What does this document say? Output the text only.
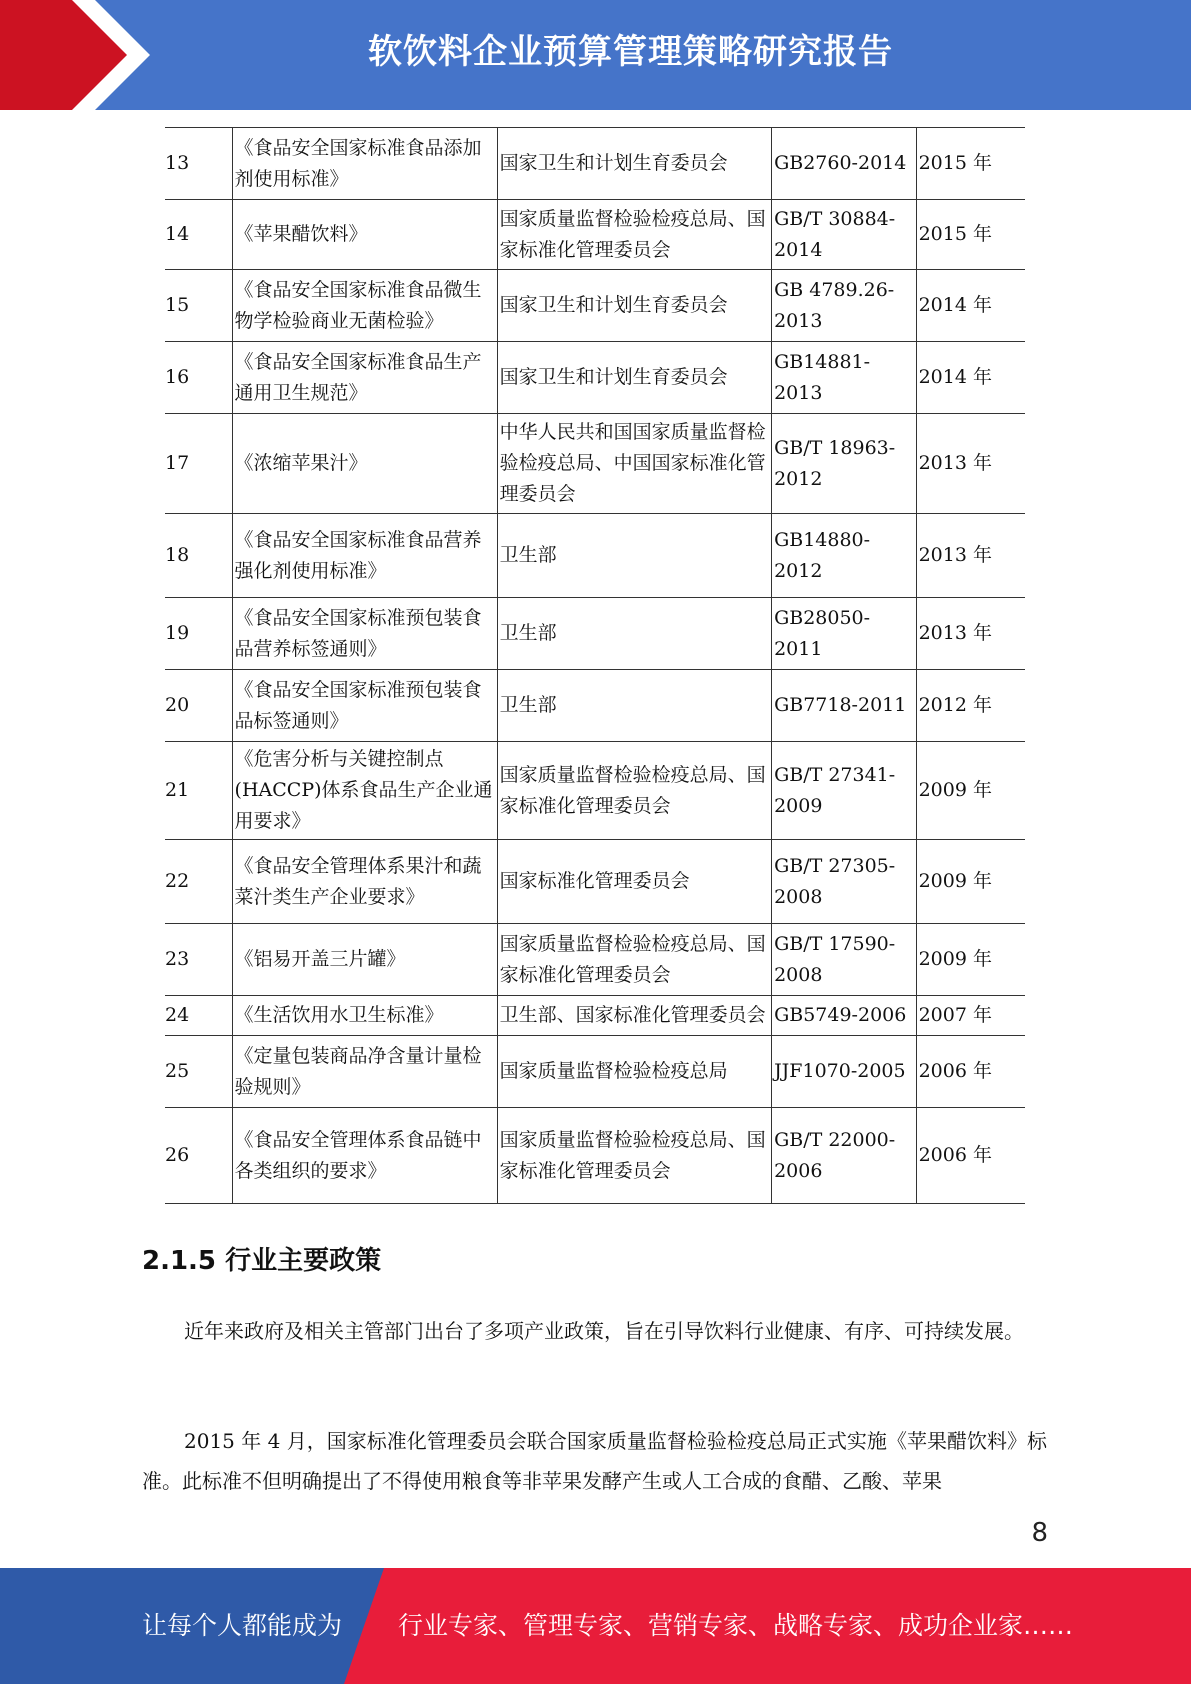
软饮料企业预算管理策略研究报告
13	《食品安全国家标准食品添加剂使用标准》	国家卫生和计划生育委员会	GB2760-2014	2015 年
14	《苹果醋饮料》	国家质量监督检验检疫总局、国家标准化管理委员会	GB/T 30884-2014	2015 年
15	《食品安全国家标准食品微生物学检验商业无菌检验》	国家卫生和计划生育委员会	GB 4789.26-2013	2014 年
16	《食品安全国家标准食品生产通用卫生规范》	国家卫生和计划生育委员会	GB14881-2013	2014 年
17	《浓缩苹果汁》	中华人民共和国国家质量监督检验检疫总局、中国国家标准化管理委员会	GB/T 18963-2012	2013 年
18	《食品安全国家标准食品营养强化剂使用标准》	卫生部	GB14880-2012	2013 年
19	《食品安全国家标准预包装食品营养标签通则》	卫生部	GB28050-2011	2013 年
20	《食品安全国家标准预包装食品标签通则》	卫生部	GB7718-2011	2012 年
21	《危害分析与关键控制点(HACCP)体系食品生产企业通用要求》	国家质量监督检验检疫总局、国家标准化管理委员会	GB/T 27341-2009	2009 年
22	《食品安全管理体系果汁和蔬菜汁类生产企业要求》	国家标准化管理委员会	GB/T 27305-2008	2009 年
23	《铝易开盖三片罐》	国家质量监督检验检疫总局、国家标准化管理委员会	GB/T 17590-2008	2009 年
24	《生活饮用水卫生标准》	卫生部、国家标准化管理委员会	GB5749-2006	2007 年
25	《定量包装商品净含量计量检验规则》	国家质量监督检验检疫总局	JJF1070-2005	2006 年
26	《食品安全管理体系食品链中各类组织的要求》	国家质量监督检验检疫总局、国家标准化管理委员会	GB/T 22000-2006	2006 年
2.1.5 行业主要政策

近年来政府及相关主管部门出台了多项产业政策，旨在引导饮料行业健康、有序、可持续发展。

2015 年 4 月，国家标准化管理委员会联合国家质量监督检验检疫总局正式实施《苹果醋饮料》标准。此标准不但明确提出了不得使用粮食等非苹果发酵产生或人工合成的食醋、乙酸、苹果

8
让每个人都能成为 行业专家、管理专家、营销专家、战略专家、成功企业家……
